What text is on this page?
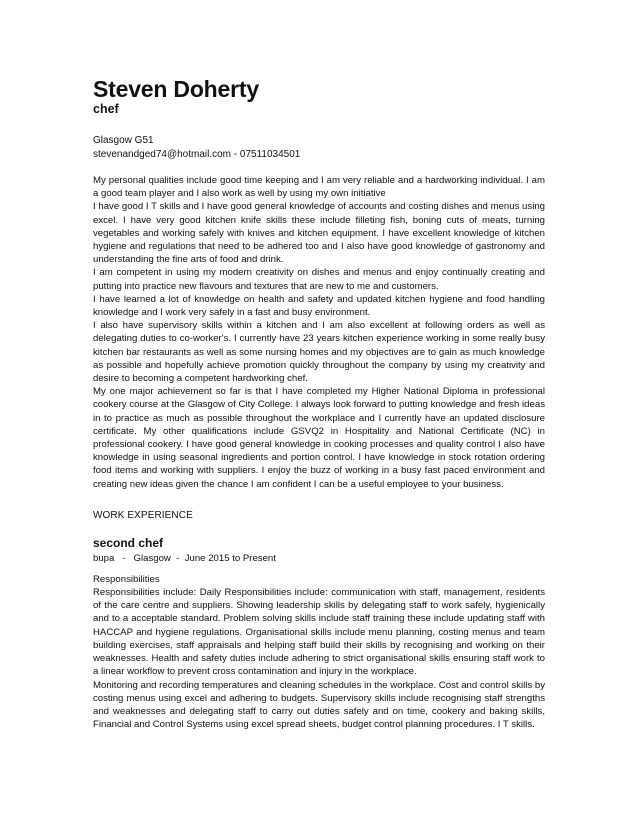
Steven Doherty
chef

Glasgow G51

stevenandged74@hotmail.com - 07511034501

My personal qualities include good time keeping and I am very reliable and a hardworking individual. I am a good team player and I also work as well by using my own initiative

I have good I T skills and I have good general knowledge of accounts and costing dishes and menus using excel. I have very good kitchen knife skills these include filleting fish, boning cuts of meats, turning vegetables and working safely with knives and kitchen equipment. I have excellent knowledge of kitchen hygiene and regulations that need to be adhered too and I also have good knowledge of gastronomy and understanding the fine arts of food and drink.

I am competent in using my modern creativity on dishes and menus and enjoy continually creating and putting into practice new flavours and textures that are new to me and customers.

I have learned a lot of knowledge on health and safety and updated kitchen hygiene and food handling knowledge and I work very safely in a fast and busy environment.

I also have supervisory skills within a kitchen and I am also excellent at following orders as well as delegating duties to co-worker's. I currently have 23 years kitchen experience working in some really busy kitchen bar restaurants as well as some nursing homes and my objectives are to gain as much knowledge as possible and hopefully achieve promotion quickly throughout the company by using my creativity and desire to becoming a competent hardworking chef.

My one major achievement so far is that I have completed my Higher National Diploma in professional cookery course at the Glasgow of City College. I always look forward to putting knowledge and fresh ideas in to practice as much as possible throughout the workplace and I currently have an updated disclosure certificate. My other qualifications include GSVQ2 in Hospitality and National Certificate (NC) in professional cookery. I have good general knowledge in cooking processes and quality control I also have knowledge in using seasonal ingredients and portion control. I have knowledge in stock rotation ordering food items and working with suppliers. I enjoy the buzz of working in a busy fast paced environment and creating new ideas given the chance I am confident I can be a useful employee to your business.

WORK EXPERIENCE
second chef
bupa   -   Glasgow  -  June 2015 to Present

Responsibilities

Responsibilities include: Daily Responsibilities include: communication with staff, management, residents of the care centre and suppliers. Showing leadership skills by delegating staff to work safely, hygienically and to a acceptable standard. Problem solving skills include staff training these include updating staff with HACCAP and hygiene regulations. Organisational skills include menu planning, costing menus and team building exercises, staff appraisals and helping staff build their skills by recognising and working on their weaknesses. Health and safety duties include adhering to strict organisational skills ensuring staff work to a linear workflow to prevent cross contamination and injury in the workplace.

Monitoring and recording temperatures and cleaning schedules in the workplace. Cost and control skills by costing menus using excel and adhering to budgets. Supervisory skills include recognising staff strengths and weaknesses and delegating staff to carry out duties safely and on time, cookery and baking skills, Financial and Control Systems using excel spread sheets, budget control planning procedures. I T skills.
